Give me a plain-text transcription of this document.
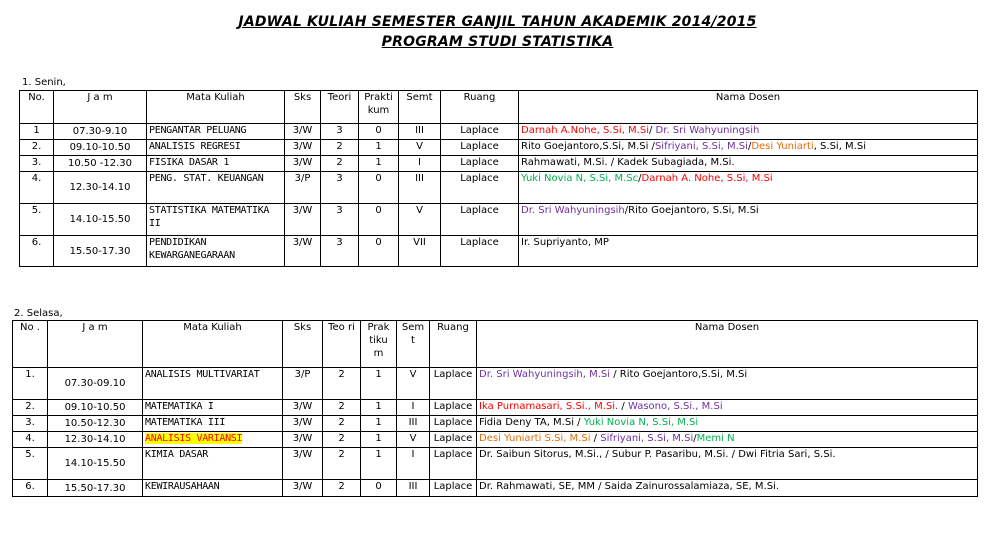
JADWAL KULIAH SEMESTER GANJIL TAHUN AKADEMIK 2014/2015
PROGRAM STUDI STATISTIKA
1. Senin,
No.	J a m	Mata Kuliah	Sks	Teori	Prakti kum	Semt	Ruang	Nama Dosen
1	07.30-9.10	PENGANTAR PELUANG	3/W	3	0	III	Laplace	Darnah A.Nohe, S.Si, M.Si/ Dr. Sri Wahyuningsih
2.	09.10-10.50	ANALISIS REGRESI	3/W	2	1	V	Laplace	Rito Goejantoro,S.Si, M.Si /Sifriyani, S.Si, M.Si/Desi Yuniarti, S.Si, M.Si
3.	10.50 -12.30	FISIKA DASAR 1	3/W	2	1	I	Laplace	Rahmawati, M.Si. / Kadek Subagiada, M.Si.
4.	12.30-14.10	PENG. STAT. KEUANGAN	3/P	3	0	III	Laplace	Yuki Novia N, S.Si, M.Sc/Darnah A. Nohe, S.Si, M.Si
5.	14.10-15.50	STATISTIKA MATEMATIKA II	3/W	3	0	V	Laplace	Dr. Sri Wahyuningsih/Rito Goejantoro, S.Si, M.Si
6.	15.50-17.30	PENDIDIKAN KEWARGANEGARAAN	3/W	3	0	VII	Laplace	Ir. Supriyanto, MP
2. Selasa,
No .	J a m	Mata Kuliah	Sks	Teo ri	Prak tiku m	Sem t	Ruang	Nama Dosen
1.	07.30-09.10	ANALISIS MULTIVARIAT	3/P	2	1	V	Laplace	Dr. Sri Wahyuningsih, M.Si / Rito Goejantoro,S.Si, M.Si
2.	09.10-10.50	MATEMATIKA I	3/W	2	1	I	Laplace	Ika Purnamasari, S.Si., M.Si. / Wasono, S.Si., M.Si
3.	10.50-12.30	MATEMATIKA III	3/W	2	1	III	Laplace	Fidia Deny TA, M.Si / Yuki Novia N, S.Si, M.Si
4.	12.30-14.10	ANALISIS VARIANSI	3/W	2	1	V	Laplace	Desi Yuniarti S.Si, M.Si / Sifriyani, S.Si, M.Si/Memi N
5.	14.10-15.50	KIMIA DASAR	3/W	2	1	I	Laplace	Dr. Saibun Sitorus, M.Si., / Subur P. Pasaribu, M.Si. / Dwi Fitria Sari, S.Si.
6.	15.50-17.30	KEWIRAUSAHAAN	3/W	2	0	III	Laplace	Dr. Rahmawati, SE, MM / Saida Zainurossalamiaza, SE, M.Si.
